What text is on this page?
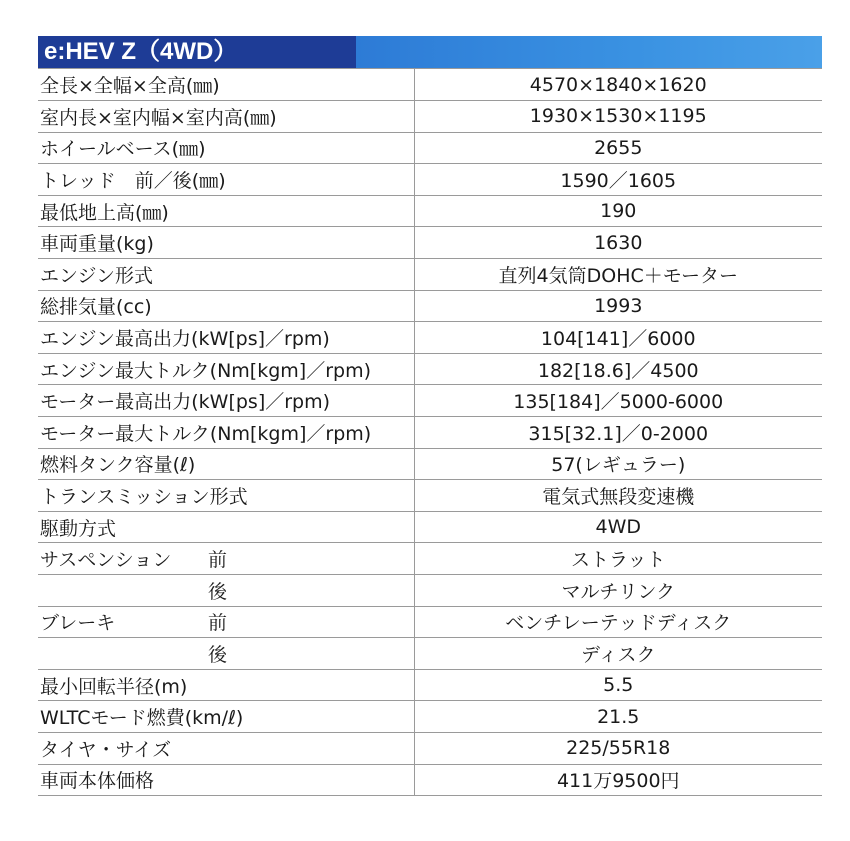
e:HEV Z（4WD）
全長×全幅×全高(㎜)	4570×1840×1620
室内長×室内幅×室内高(㎜)	1930×1530×1195
ホイールベース(㎜)	2655
トレッド　前／後(㎜)	1590／1605
最低地上高(㎜)	190
車両重量(kg)	1630
エンジン形式	直列4気筒DOHC＋モーター
総排気量(cc)	1993
エンジン最高出力(kW[ps]／rpm)	104[141]／6000
エンジン最大トルク(Nm[kgm]／rpm)	182[18.6]／4500
モーター最高出力(kW[ps]／rpm)	135[184]／5000-6000
モーター最大トルク(Nm[kgm]／rpm)	315[32.1]／0-2000
燃料タンク容量(ℓ)	57(レギュラー)
トランスミッション形式	電気式無段変速機
駆動方式	4WD
サスペンション 前	ストラット
後	マルチリンク
ブレーキ 前	ベンチレーテッドディスク
後	ディスク
最小回転半径(m)	5.5
WLTCモード燃費(km/ℓ)	21.5
タイヤ・サイズ	225/55R18
車両本体価格	411万9500円
